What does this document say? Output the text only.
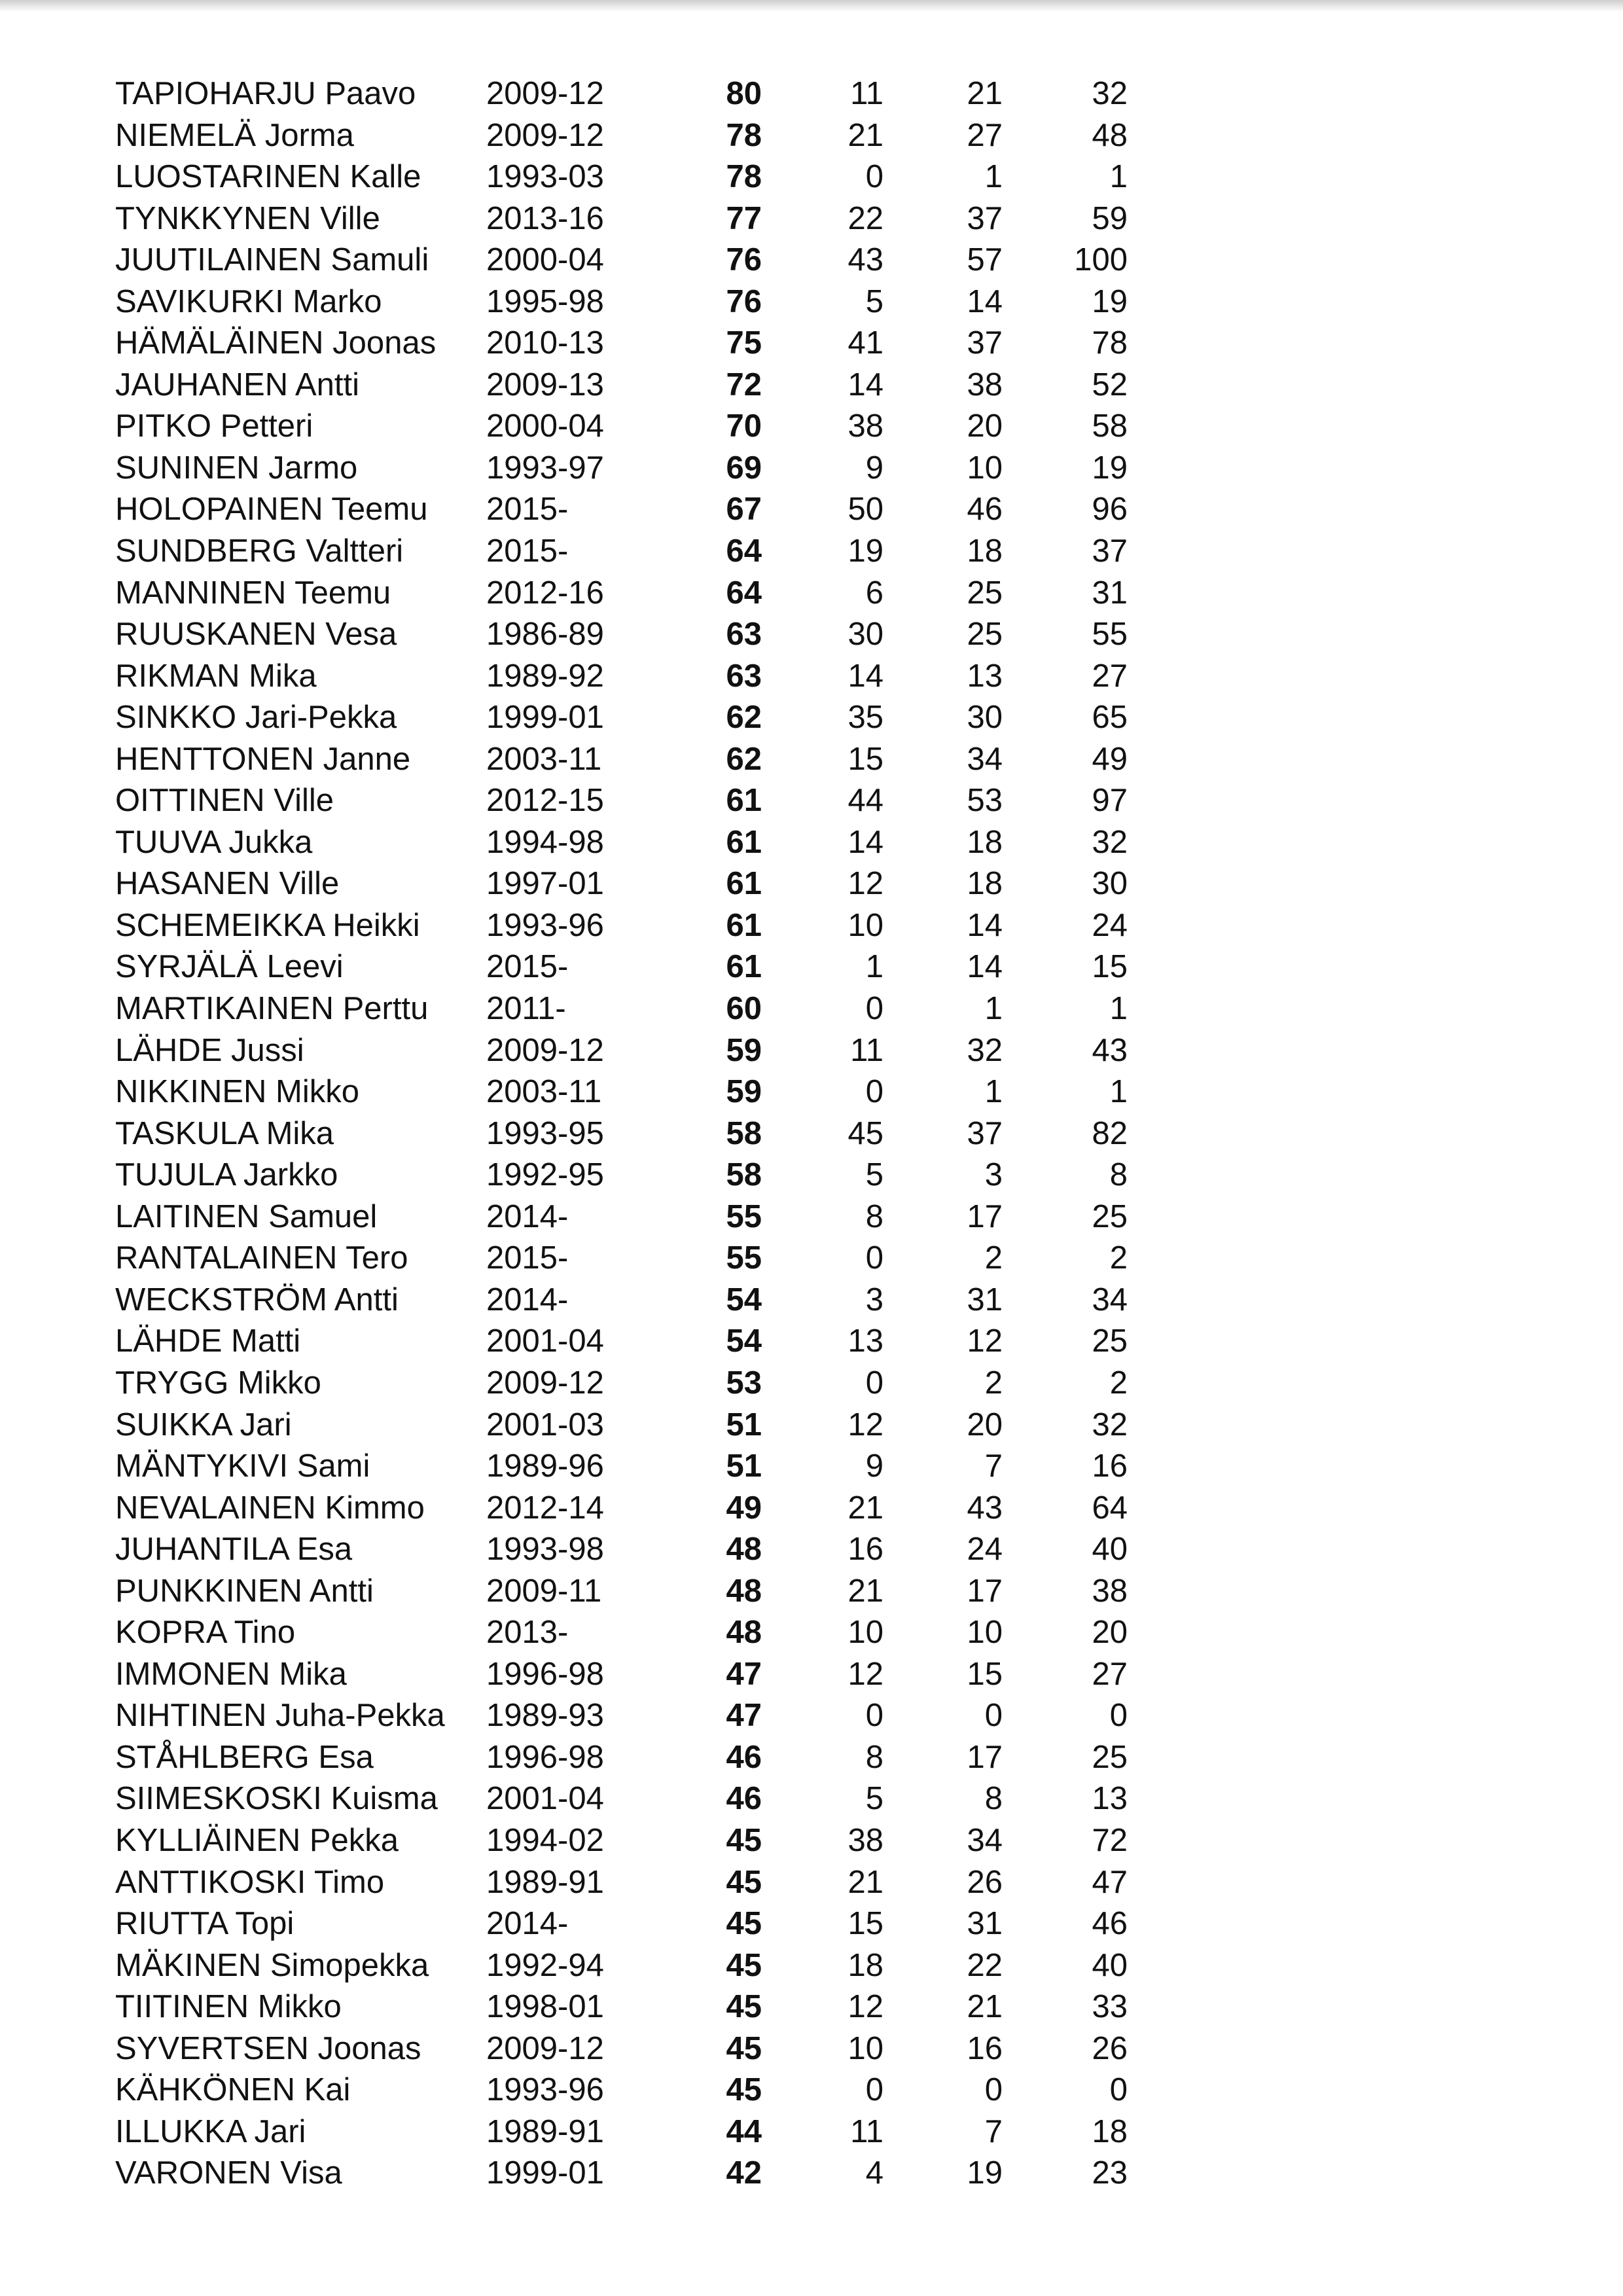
TAPIOHARJU Paavo 2009-12	80	11	21	32
NIEMELÄ Jorma	2009-12	78	21	27	48
LUOSTARINEN Kalle 1993-03	78	0	1	1
TYNKKYNEN Ville	2013-16	77	22	37	59
JUUTILAINEN Samuli 2000-04	76	43	57 100
SAVIKURKI Marko	1995-98	76	5	14	19
HÄMÄLÄINEN Joonas 2010-13	75	41	37	78
JAUHANEN Antti	2009-13	72	14	38	52
PITKO Petteri	2000-04	70	38	20	58
SUNINEN Jarmo	1993-97	69	9	10	19
HOLOPAINEN Teemu 2015-	67	50	46	96
SUNDBERG Valtteri	2015-	64	19	18	37
MANNINEN Teemu	2012-16	64	6	25	31
RUUSKANEN Vesa	1986-89	63	30	25	55
RIKMAN Mika	1989-92	63	14	13	27
SINKKO Jari-Pekka	1999-01	62	35	30	65
HENTTONEN Janne 2003-11	62	15	34	49
OITTINEN Ville	2012-15	61	44	53	97
TUUVA Jukka	1994-98	61	14	18	32
HASANEN Ville	1997-01	61	12	18	30
SCHEMEIKKA Heikki 1993-96	61	10	14	24
SYRJÄLÄ Leevi	2015-	61	1	14	15
MARTIKAINEN Perttu 2011-	60	0	1	1
LÄHDE Jussi	2009-12	59	11	32	43
NIKKINEN Mikko	2003-11	59	0	1	1
TASKULA Mika	1993-95	58	45	37	82
TUJULA Jarkko	1992-95	58	5	3	8
LAITINEN Samuel	2014-	55	8	17	25
RANTALAINEN Tero 2015-	55	0	2	2
WECKSTRÖM Antti	2014-	54	3	31	34
LÄHDE Matti	2001-04	54	13	12	25
TRYGG Mikko	2009-12	53	0	2	2
SUIKKA Jari	2001-03	51	12	20	32
MÄNTYKIVI Sami	1989-96	51	9	7	16
NEVALAINEN Kimmo 2012-14	49	21	43	64
JUHANTILA Esa	1993-98	48	16	24	40
PUNKKINEN Antti	2009-11	48	21	17	38
KOPRA Tino	2013-	48	10	10	20
IMMONEN Mika	1996-98	47	12	15	27
NIHTINEN Juha-Pekka 1989-93	47	0	0	0
STÅHLBERG Esa	1996-98	46	8	17	25
SIIMESKOSKI Kuisma 2001-04	46	5	8	13
KYLLIÄINEN Pekka	1994-02	45	38	34	72
ANTTIKOSKI Timo	1989-91	45	21	26	47
RIUTTA Topi	2014-	45	15	31	46
MÄKINEN Simopekka 1992-94	45	18	22	40
TIITINEN Mikko	1998-01	45	12	21	33
SYVERTSEN Joonas 2009-12	45	10	16	26
KÄHKÖNEN Kai	1993-96	45	0	0	0
ILLUKKA Jari	1989-91	44	11	7	18
VARONEN Visa	1999-01	42	4	19	23
